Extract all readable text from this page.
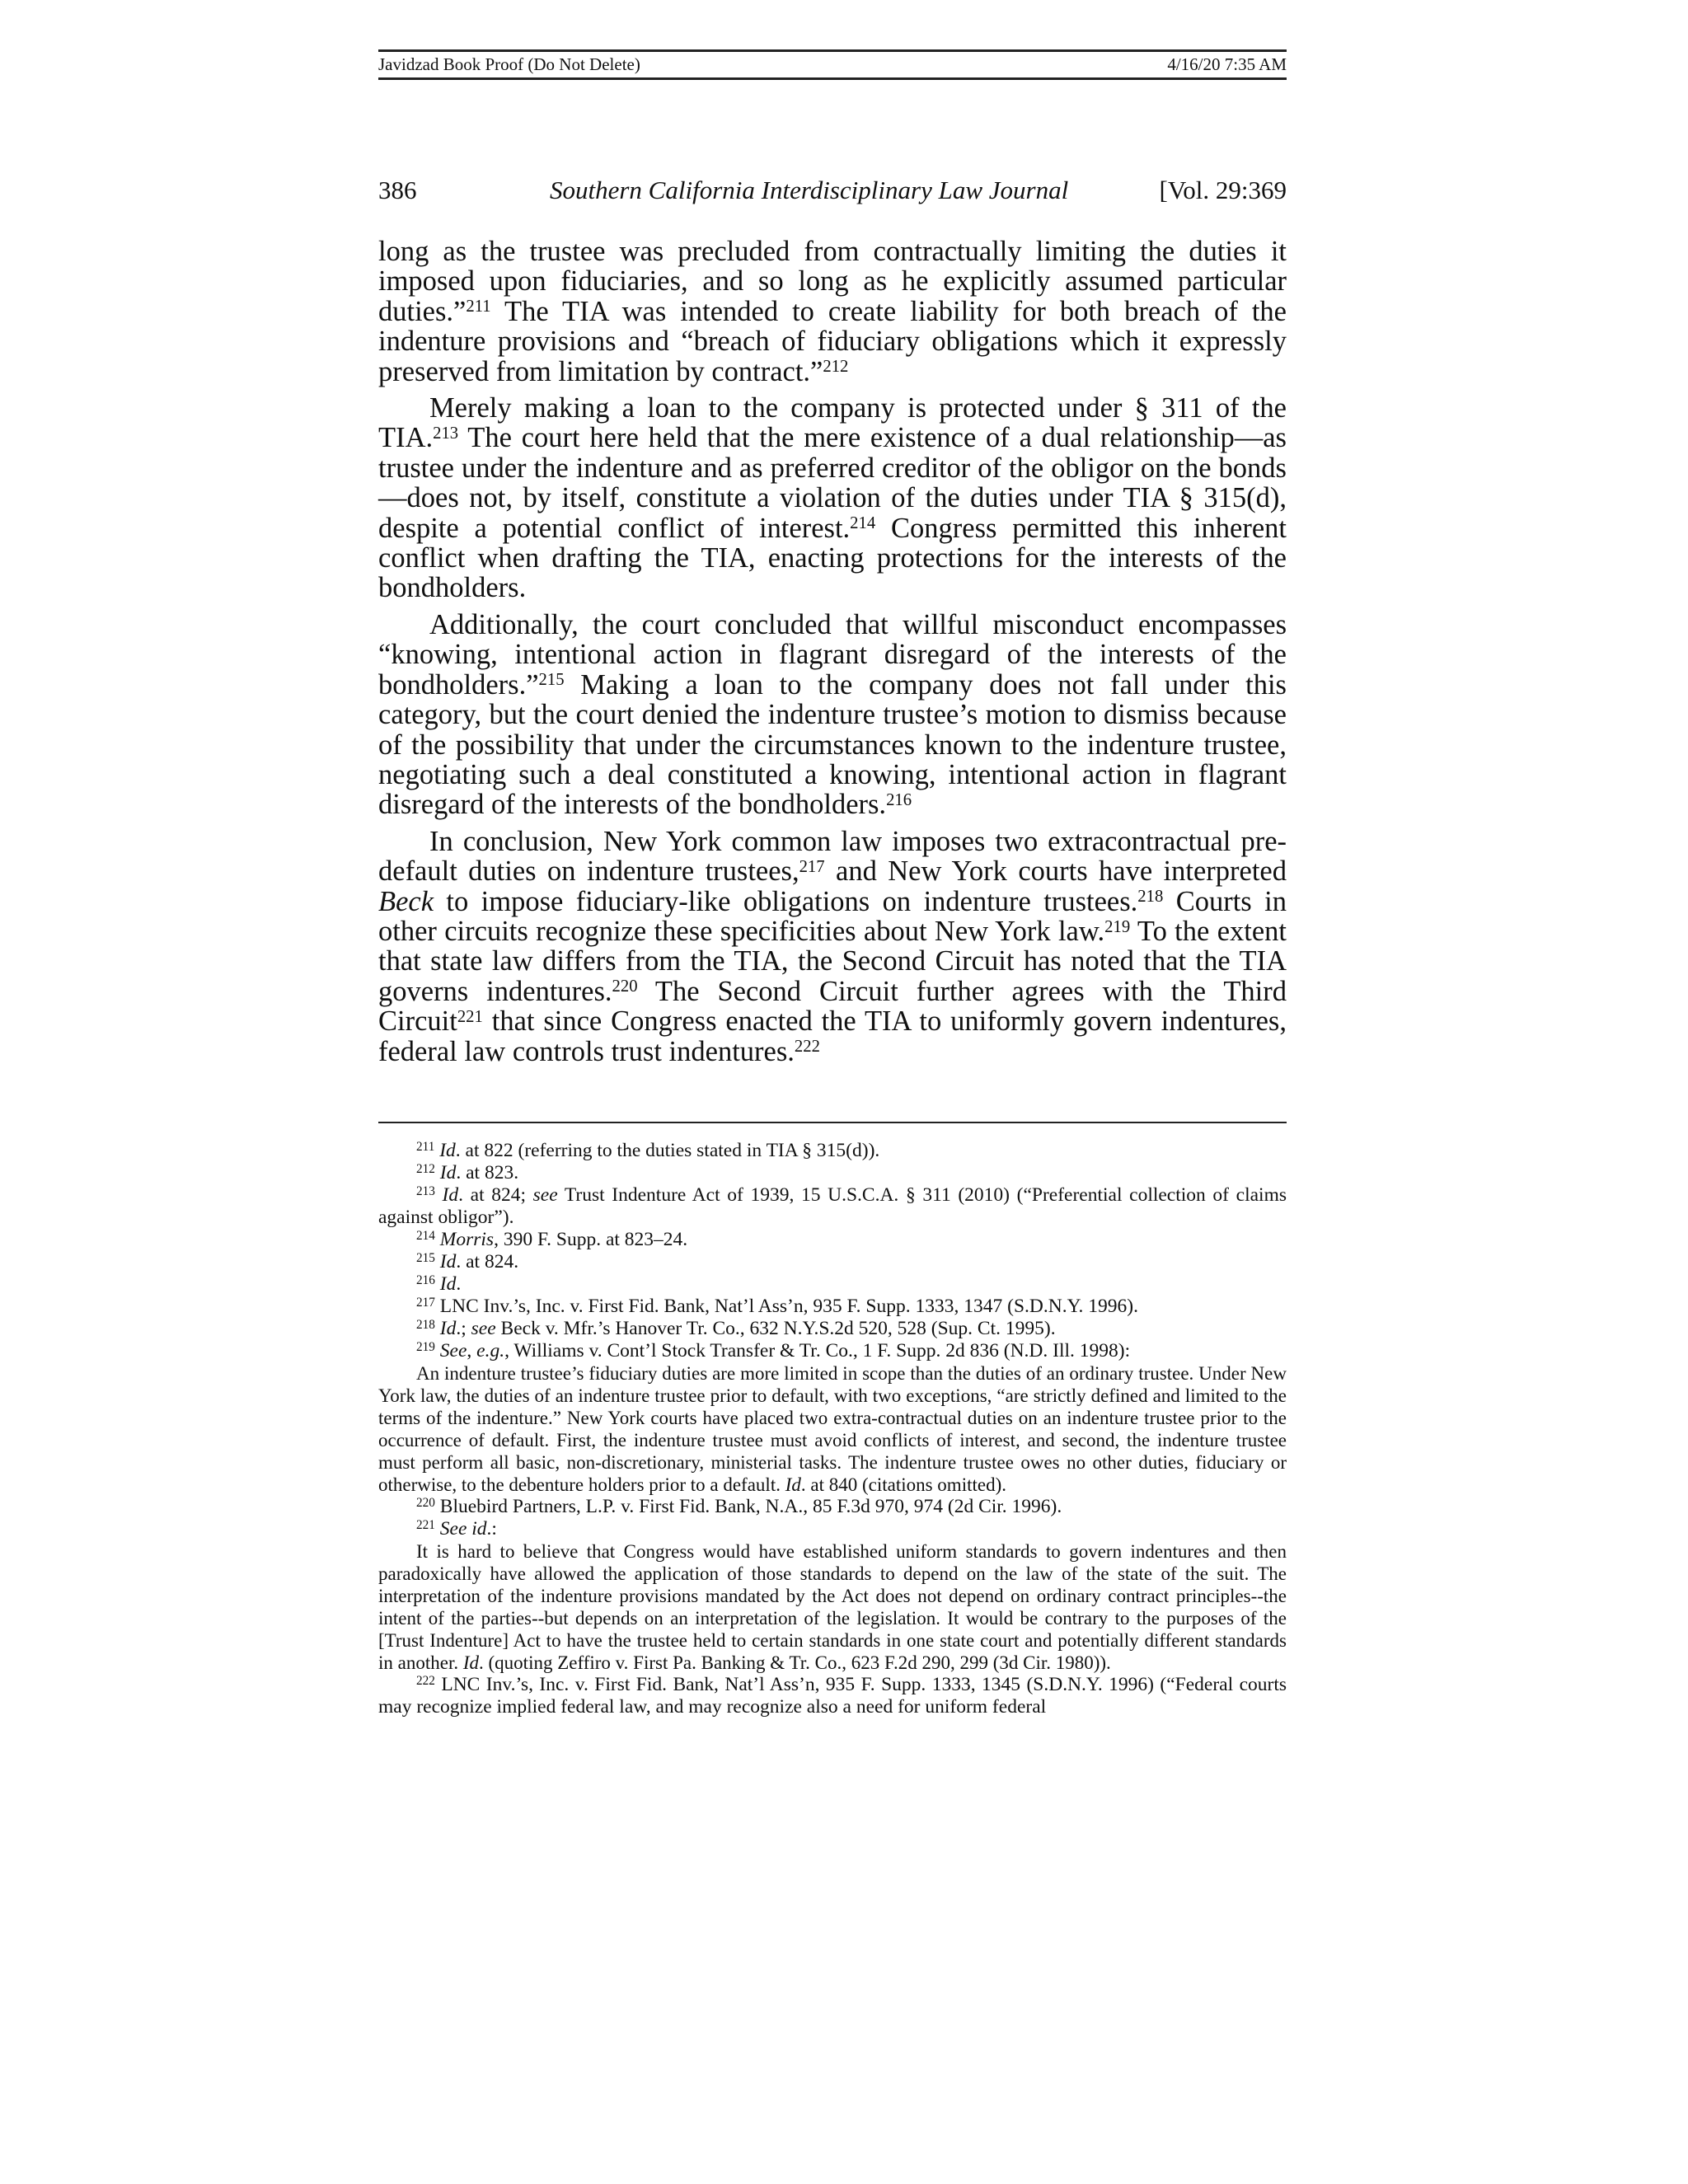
Javidzad Book Proof (Do Not Delete)	4/16/20 7:35 AM
386	Southern California Interdisciplinary Law Journal	[Vol. 29:369

long as the trustee was precluded from contractually limiting the duties it imposed upon fiduciaries, and so long as he explicitly assumed particular duties.”$^{211}$ The TIA was intended to create liability for both breach of the indenture provisions and “breach of fiduciary obligations which it expressly preserved from limitation by contract.”$^{212}$

Merely making a loan to the company is protected under § 311 of the TIA.$^{213}$ The court here held that the mere existence of a dual relationship—as trustee under the indenture and as preferred creditor of the obligor on the bonds—does not, by itself, constitute a violation of the duties under TIA § 315(d), despite a potential conflict of interest.$^{214}$ Congress permitted this inherent conflict when drafting the TIA, enacting protections for the interests of the bondholders.

Additionally, the court concluded that willful misconduct encompasses “knowing, intentional action in flagrant disregard of the interests of the bondholders.”$^{215}$ Making a loan to the company does not fall under this category, but the court denied the indenture trustee’s motion to dismiss because of the possibility that under the circumstances known to the indenture trustee, negotiating such a deal constituted a knowing, intentional action in flagrant disregard of the interests of the bondholders.$^{216}$

In conclusion, New York common law imposes two extracontractual pre-default duties on indenture trustees,$^{217}$ and New York courts have interpreted Beck to impose fiduciary-like obligations on indenture trustees.$^{218}$ Courts in other circuits recognize these specificities about New York law.$^{219}$ To the extent that state law differs from the TIA, the Second Circuit has noted that the TIA governs indentures.$^{220}$ The Second Circuit further agrees with the Third Circuit$^{221}$ that since Congress enacted the TIA to uniformly govern indentures, federal law controls trust indentures.$^{222}$

$^{211}$ Id. at 822 (referring to the duties stated in TIA § 315(d)).

$^{212}$ Id. at 823.

$^{213}$ Id. at 824; see Trust Indenture Act of 1939, 15 U.S.C.A. § 311 (2010) (“Preferential collection of claims against obligor”).

$^{214}$ Morris, 390 F. Supp. at 823–24.

$^{215}$ Id. at 824.

$^{216}$ Id.

$^{217}$ LNC Inv.’s, Inc. v. First Fid. Bank, Nat’l Ass’n, 935 F. Supp. 1333, 1347 (S.D.N.Y. 1996).

$^{218}$ Id.; see Beck v. Mfr.’s Hanover Tr. Co., 632 N.Y.S.2d 520, 528 (Sup. Ct. 1995).

$^{219}$ See, e.g., Williams v. Cont’l Stock Transfer & Tr. Co., 1 F. Supp. 2d 836 (N.D. Ill. 1998):

An indenture trustee’s fiduciary duties are more limited in scope than the duties of an ordinary trustee. Under New York law, the duties of an indenture trustee prior to default, with two exceptions, “are strictly defined and limited to the terms of the indenture.” New York courts have placed two extra-contractual duties on an indenture trustee prior to the occurrence of default. First, the indenture trustee must avoid conflicts of interest, and second, the indenture trustee must perform all basic, non-discretionary, ministerial tasks. The indenture trustee owes no other duties, fiduciary or otherwise, to the debenture holders prior to a default. Id. at 840 (citations omitted).

$^{220}$ Bluebird Partners, L.P. v. First Fid. Bank, N.A., 85 F.3d 970, 974 (2d Cir. 1996).

$^{221}$ See id.:

It is hard to believe that Congress would have established uniform standards to govern indentures and then paradoxically have allowed the application of those standards to depend on the law of the state of the suit. The interpretation of the indenture provisions mandated by the Act does not depend on ordinary contract principles--the intent of the parties--but depends on an interpretation of the legislation. It would be contrary to the purposes of the [Trust Indenture] Act to have the trustee held to certain standards in one state court and potentially different standards in another. Id. (quoting Zeffiro v. First Pa. Banking & Tr. Co., 623 F.2d 290, 299 (3d Cir. 1980)).

$^{222}$ LNC Inv.’s, Inc. v. First Fid. Bank, Nat’l Ass’n, 935 F. Supp. 1333, 1345 (S.D.N.Y. 1996) (“Federal courts may recognize implied federal law, and may recognize also a need for uniform federal
